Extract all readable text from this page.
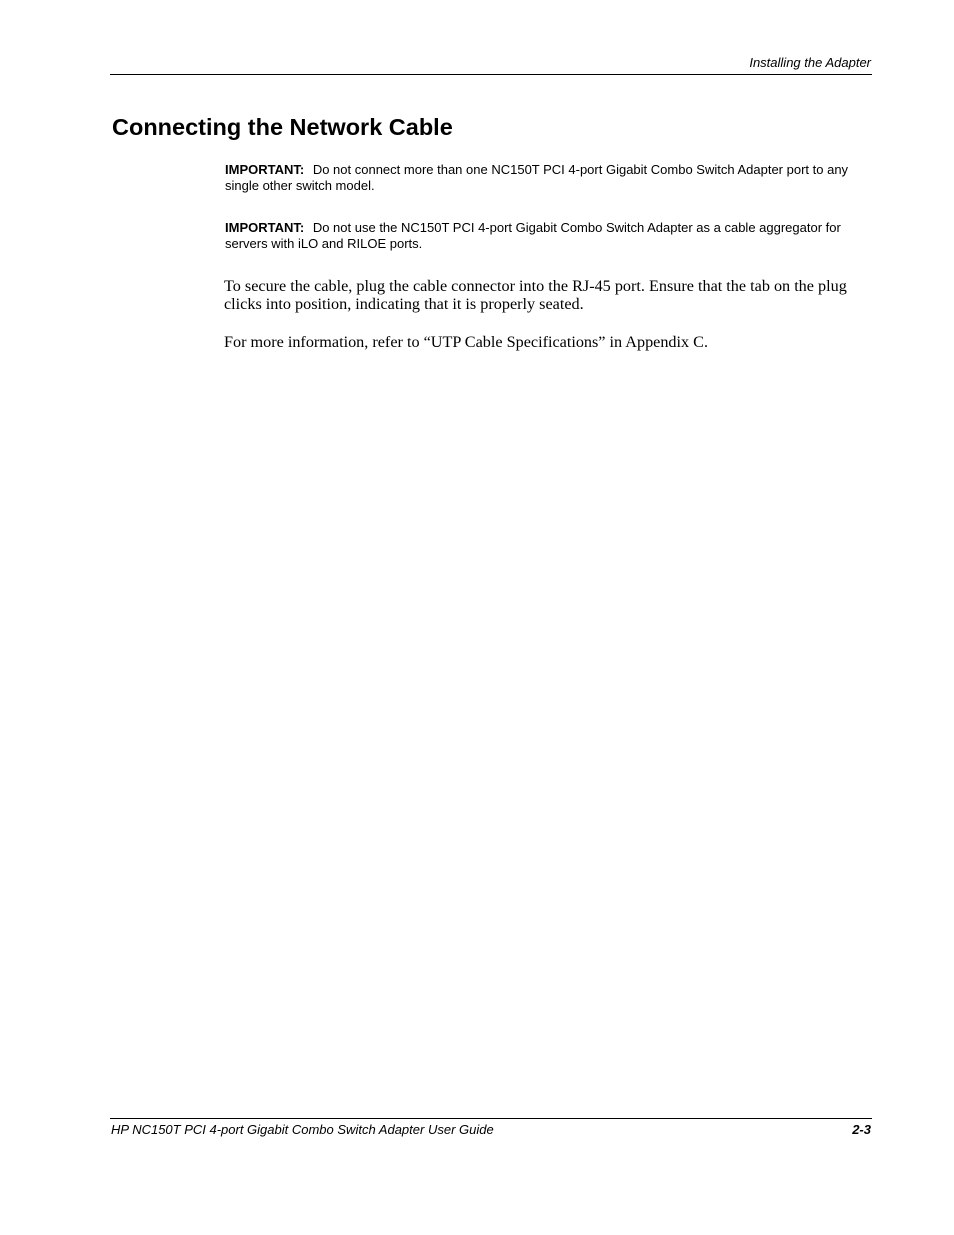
Installing the Adapter
Connecting the Network Cable

IMPORTANT: Do not connect more than one NC150T PCI 4-port Gigabit Combo Switch Adapter port to any single other switch model.

IMPORTANT: Do not use the NC150T PCI 4-port Gigabit Combo Switch Adapter as a cable aggregator for servers with iLO and RILOE ports.

To secure the cable, plug the cable connector into the RJ-45 port. Ensure that the tab on the plug clicks into position, indicating that it is properly seated.

For more information, refer to “UTP Cable Specifications” in Appendix C.

HP NC150T PCI 4-port Gigabit Combo Switch Adapter User Guide	2-3
